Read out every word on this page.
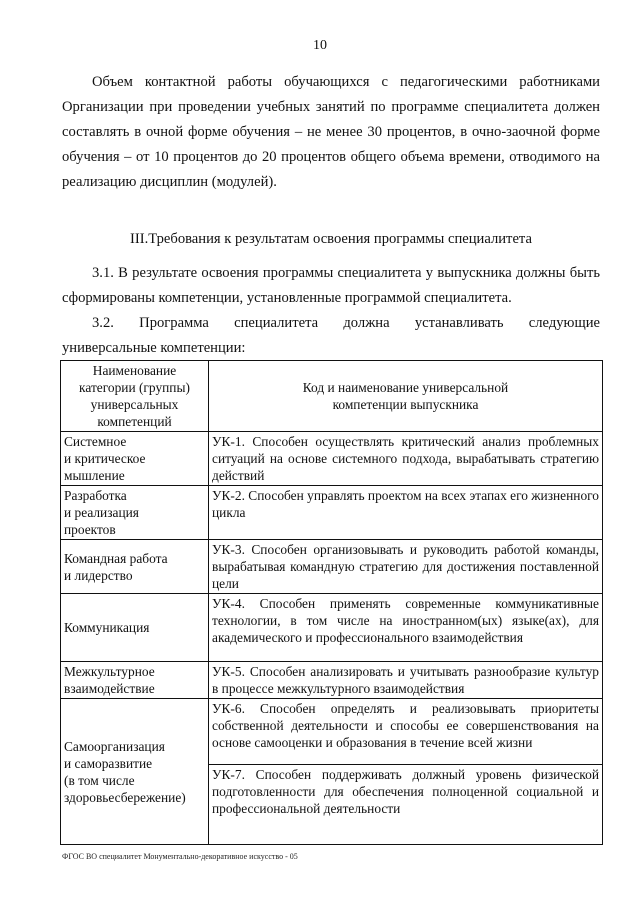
10
Объем контактной работы обучающихся с педагогическими работниками Организации при проведении учебных занятий по программе специалитета должен составлять в очной форме обучения – не менее 30 процентов, в очно-заочной форме обучения – от 10 процентов до 20 процентов общего объема времени, отводимого на реализацию дисциплин (модулей).
III.Требования к результатам освоения программы специалитета
3.1. В результате освоения программы специалитета у выпускника должны быть сформированы компетенции, установленные программой специалитета.
3.2. Программа специалитета должна устанавливать следующие
универсальные компетенции:
Наименование
категории (группы)
универсальных
компетенций	Код и наименование универсальной
компетенции выпускника
Системное
и критическое
мышление	УК-1. Способен осуществлять критический анализ проблемных ситуаций на основе системного подхода, вырабатывать стратегию действий
Разработка
и реализация
проектов	УК-2. Способен управлять проектом на всех этапах его жизненного цикла
Командная работа
и лидерство	УК-3. Способен организовывать и руководить работой команды, вырабатывая командную стратегию для достижения поставленной цели
Коммуникация	УК-4. Способен применять современные коммуникативные технологии, в том числе на иностранном(ых) языке(ах), для академического и профессионального взаимодействия
Межкультурное
взаимодействие	УК-5. Способен анализировать и учитывать разнообразие культур в процессе межкультурного взаимодействия
Самоорганизация
и саморазвитие
(в том числе
здоровьесбережение)	УК-6. Способен определять и реализовывать приоритеты собственной деятельности и способы ее совершенствования на основе самооценки и образования в течение всей жизни
	УК-7. Способен поддерживать должный уровень физической подготовленности для обеспечения полноценной социальной и профессиональной деятельности
ФГОС ВО специалитет Монументально-декоративное искусство - 05
